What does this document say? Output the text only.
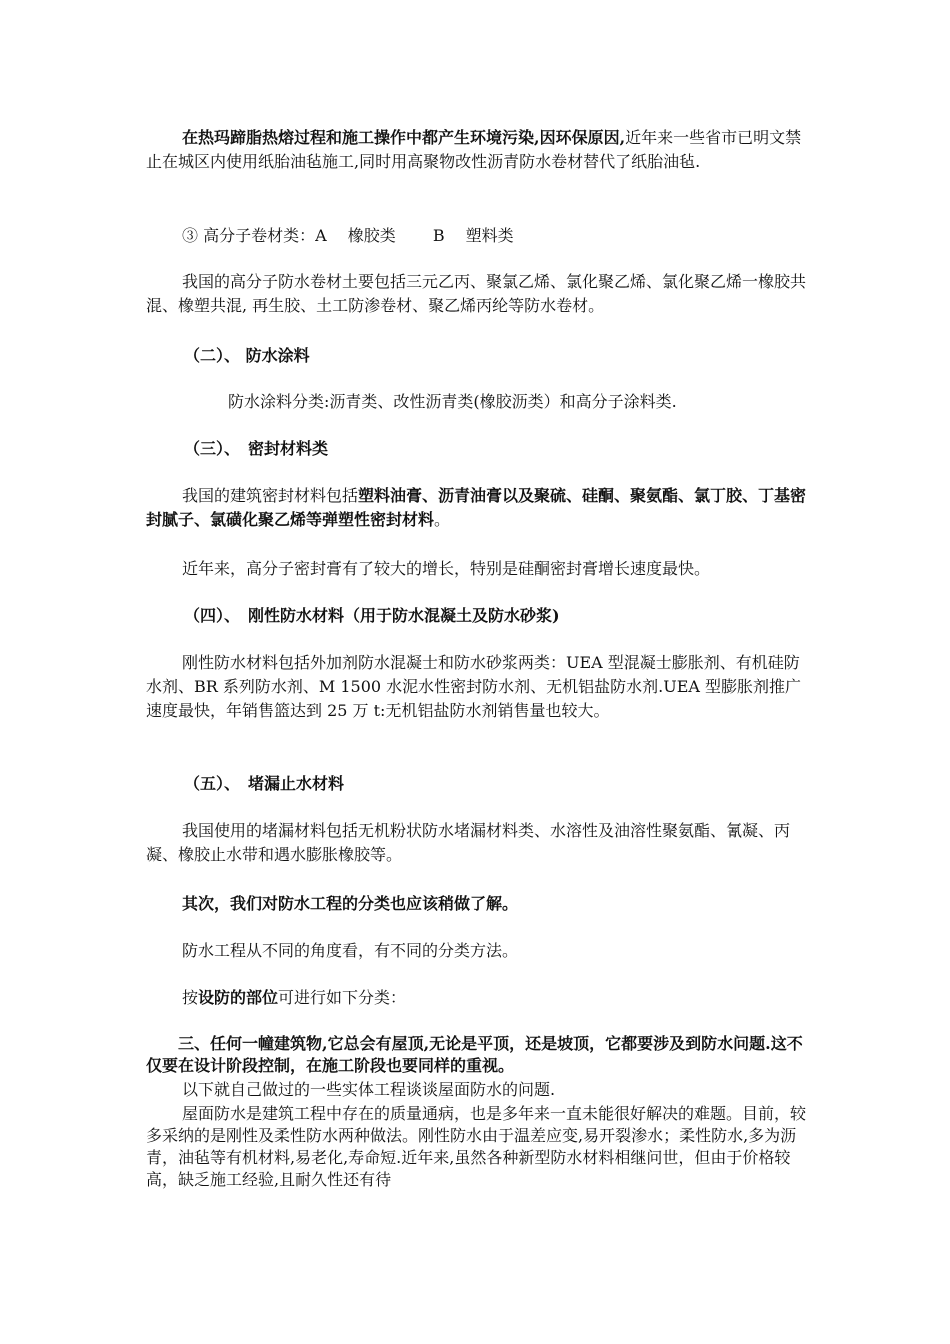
在热玛蹄脂热熔过程和施工操作中都产生环境污染,因环保原因,近年来一些省市已明文禁止在城区内使用纸胎油毡施工,同时用高聚物改性沥青防水卷材替代了纸胎油毡.
③ 高分子卷材类：A　 橡胶类　　 B　 塑料类
我国的高分子防水卷材土要包括三元乙丙、聚氯乙烯、氯化聚乙烯、氯化聚乙烯一橡胶共混、橡塑共混, 再生胶、土工防渗卷材、聚乙烯丙纶等防水卷材。
（二）、 防水涂料
防水涂料分类:沥青类、改性沥青类(橡胶沥类）和高分子涂料类.
（三）、　密封材料类
我国的建筑密封材料包括塑料油膏、沥青油膏以及聚硫、硅酮、聚氨酯、氯丁胶、丁基密封腻子、氯磺化聚乙烯等弹塑性密封材料。
近年来，高分子密封膏有了较大的增长，特别是硅酮密封膏增长速度最快。
（四）、　刚性防水材料（用于防水混凝土及防水砂浆)
刚性防水材料包括外加剂防水混凝士和防水砂浆两类：UEA 型混凝士膨胀剂、有机硅防水剂、BR 系列防水剂、M 1500 水泥水性密封防水剂、无机铝盐防水剂.UEA 型膨胀剂推广速度最快，年销售篮达到 25 万 t:无机铝盐防水剂销售量也较大。
（五）、　堵漏止水材料
我国使用的堵漏材料包括无机粉状防水堵漏材料类、水溶性及油溶性聚氨酯、氰凝、丙凝、橡胶止水带和遇水膨胀橡胶等。
其次，我们对防水工程的分类也应该稍做了解。
防水工程从不同的角度看，有不同的分类方法。
按设防的部位可进行如下分类：
三、任何一幢建筑物,它总会有屋顶,无论是平顶，还是坡顶，它都要涉及到防水问题.这不仅要在设计阶段控制，在施工阶段也要同样的重视。
以下就自己做过的一些实体工程谈谈屋面防水的问题.
屋面防水是建筑工程中存在的质量通病，也是多年来一直未能很好解决的难题。目前，较多采纳的是刚性及柔性防水两种做法。刚性防水由于温差应变,易开裂渗水；柔性防水,多为沥青，油毡等有机材料,易老化,寿命短.近年来,虽然各种新型防水材料相继问世，但由于价格较高，缺乏施工经验,且耐久性还有待
